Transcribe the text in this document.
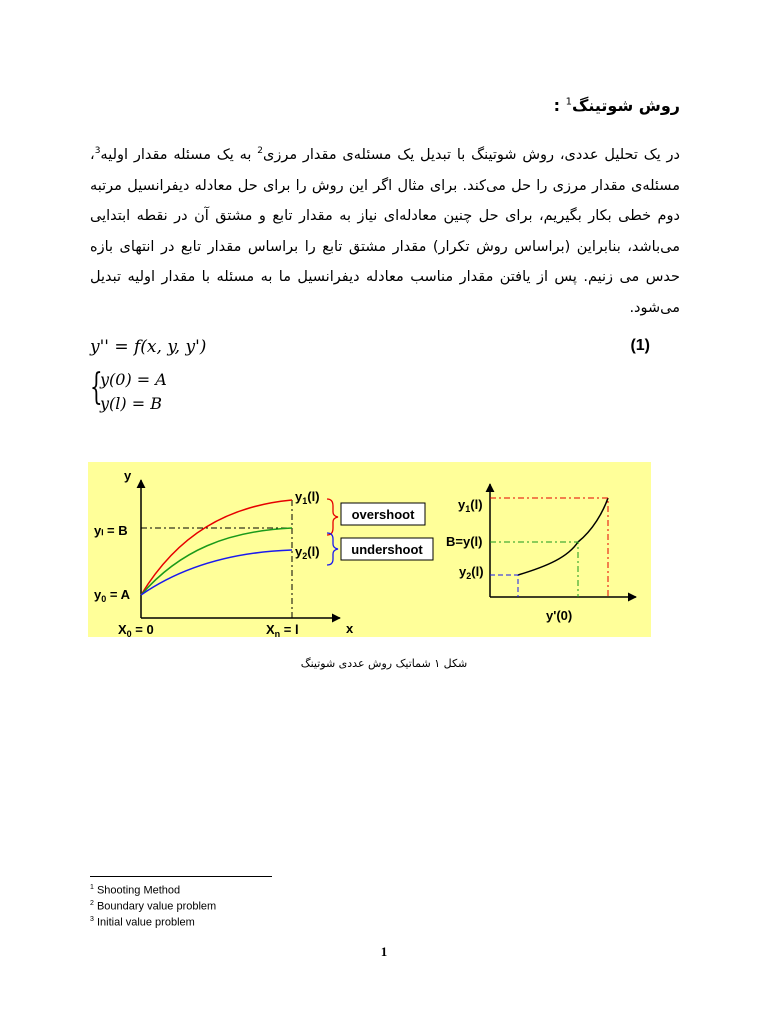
روش شوتینگ$^1$ :
در یک تحلیل عددی، روش شوتینگ با تبدیل یک مسئله‌ی مقدار مرزی$^2$ به یک مسئله مقدار اولیه$^3$، مسئله‌ی مقدار مرزی را حل می‌کند. برای مثال اگر این روش را برای حل معادله دیفرانسیل مرتبه دوم خطی بکار بگیریم، برای حل چنین معادله‌ای نیاز به مقدار تابع و مشتق آن در نقطه ابتدایی می‌باشد، بنابراین (براساس روش تکرار) مقدار مشتق تابع را براساس مقدار تابع در انتهای بازه حدس می زنیم. پس از یافتن مقدار مناسب معادله دیفرانسیل ما به مسئله با مقدار اولیه تبدیل می‌شود.
y'' = f(x, y, y')	(1)
{
y(0) = A
y(l) = B
y
x
yₗ = B
$y_0 = A$
$X_0 = 0$	$X_n = l$
$y_1(l)$
$y_2(l)$
overshoot
undershoot
$y_1(l)$
B=y(l)
$y_2(l)$
y'(0)
شکل ۱ شماتیک روش عددی شوتینگ
$^1$ Shooting Method
$^2$ Boundary value problem
$^3$ Initial value problem
1
